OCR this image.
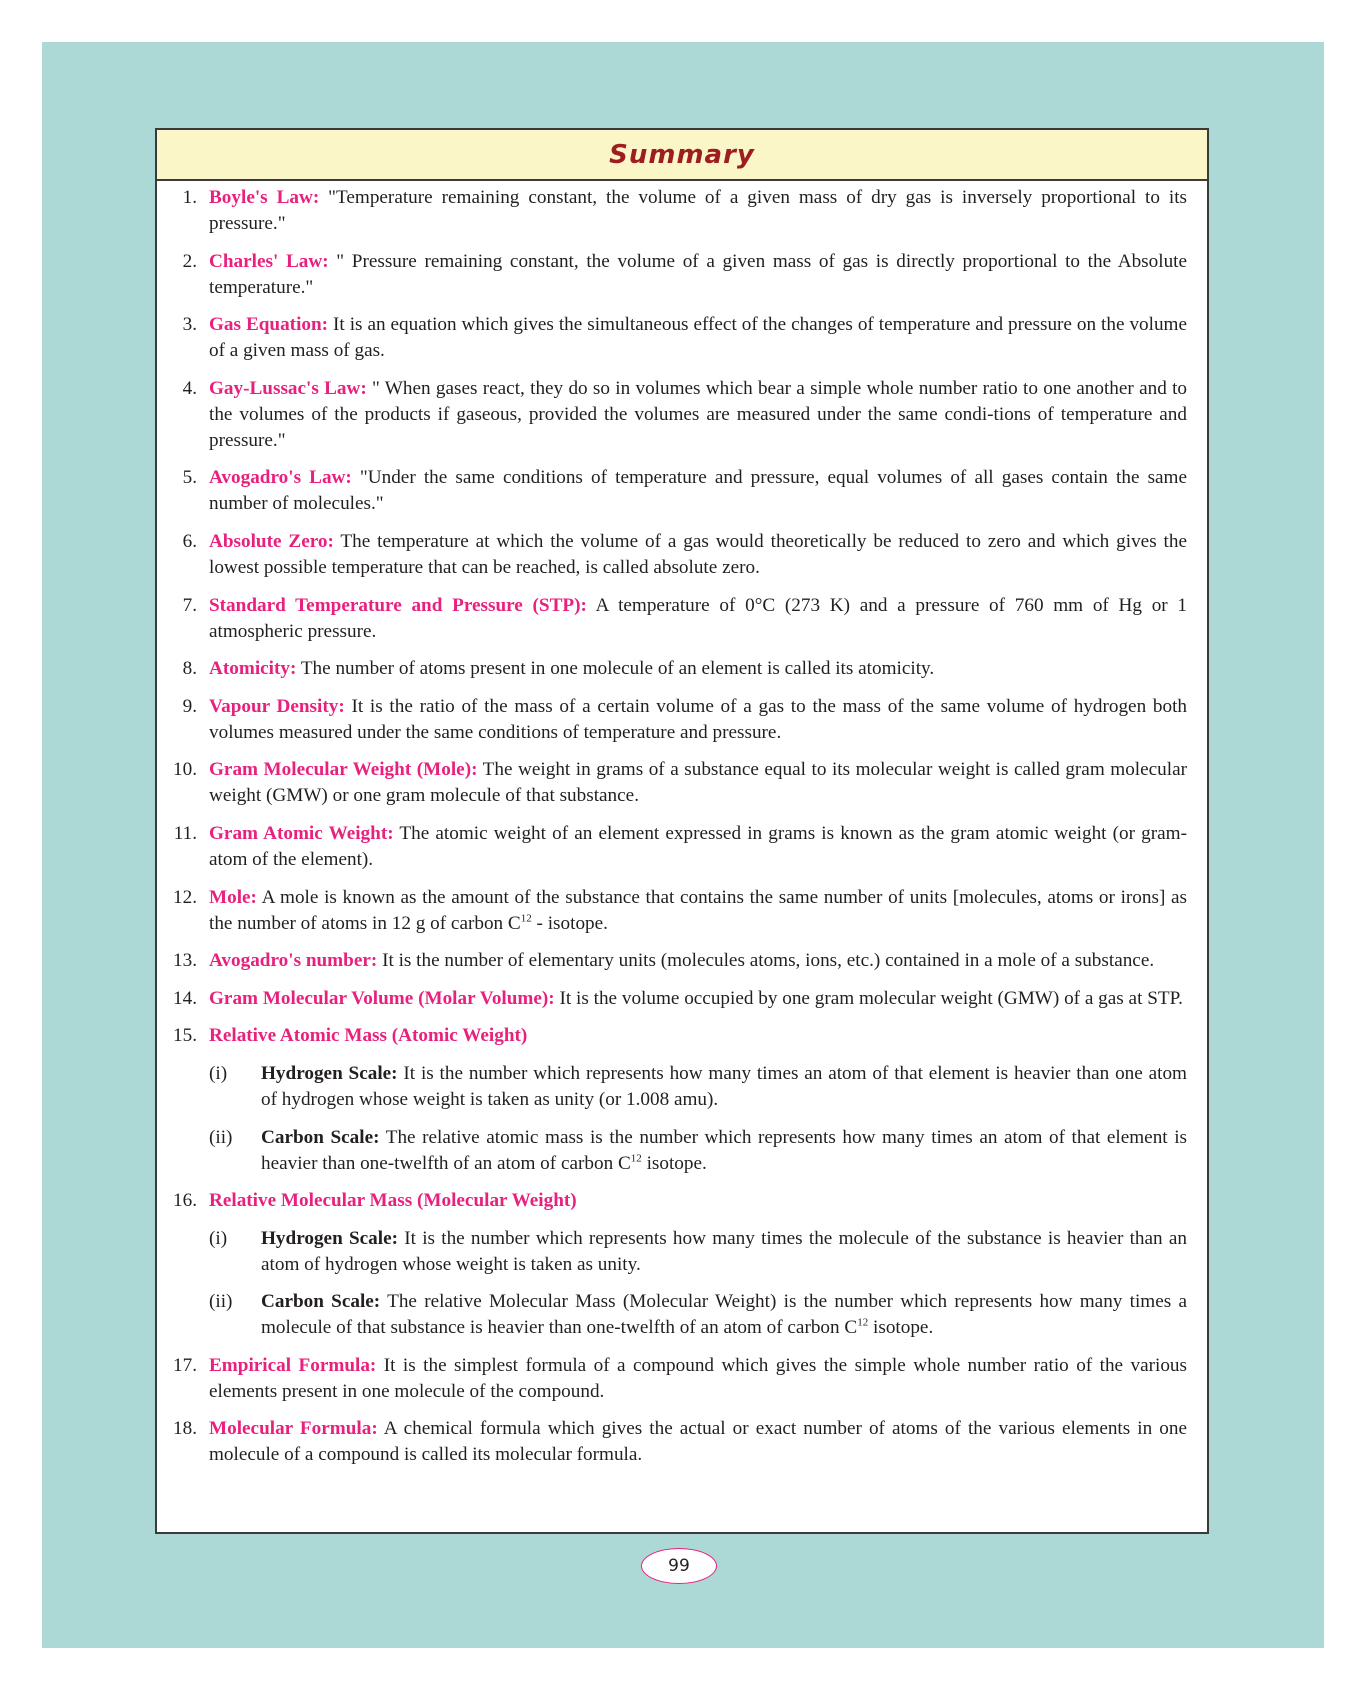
Summary
1. Boyle's Law: "Temperature remaining constant, the volume of a given mass of dry gas is inversely proportional to its pressure."
2. Charles' Law: " Pressure remaining constant, the volume of a given mass of gas is directly proportional to the Absolute temperature."
3. Gas Equation: It is an equation which gives the simultaneous effect of the changes of temperature and pressure on the volume of a given mass of gas.
4. Gay-Lussac's Law: " When gases react, they do so in volumes which bear a simple whole number ratio to one another and to the volumes of the products if gaseous, provided the volumes are measured under the same condi-tions of temperature and pressure."
5. Avogadro's Law: "Under the same conditions of temperature and pressure, equal volumes of all gases contain the same number of molecules."
6. Absolute Zero: The temperature at which the volume of a gas would theoretically be reduced to zero and which gives the lowest possible temperature that can be reached, is called absolute zero.
7. Standard Temperature and Pressure (STP): A temperature of 0°C (273 K) and a pressure of 760 mm of Hg or 1 atmospheric pressure.
8. Atomicity: The number of atoms present in one molecule of an element is called its atomicity.
9. Vapour Density: It is the ratio of the mass of a certain volume of a gas to the mass of the same volume of hydrogen both volumes measured under the same conditions of temperature and pressure.
10. Gram Molecular Weight (Mole): The weight in grams of a substance equal to its molecular weight is called gram molecular weight (GMW) or one gram molecule of that substance.
11. Gram Atomic Weight: The atomic weight of an element expressed in grams is known as the gram atomic weight (or gram-atom of the element).
12. Mole: A mole is known as the amount of the substance that contains the same number of units [molecules, atoms or irons] as the number of atoms in 12 g of carbon $C^{12}$ - isotope.
13. Avogadro's number: It is the number of elementary units (molecules atoms, ions, etc.) contained in a mole of a substance.
14. Gram Molecular Volume (Molar Volume): It is the volume occupied by one gram molecular weight (GMW) of a gas at STP.
15. Relative Atomic Mass (Atomic Weight)
(i) Hydrogen Scale: It is the number which represents how many times an atom of that element is heavier than one atom of hydrogen whose weight is taken as unity (or 1.008 amu).
(ii) Carbon Scale: The relative atomic mass is the number which represents how many times an atom of that element is heavier than one-twelfth of an atom of carbon $C^{12}$ isotope.
16. Relative Molecular Mass (Molecular Weight)
(i) Hydrogen Scale: It is the number which represents how many times the molecule of the substance is heavier than an atom of hydrogen whose weight is taken as unity.
(ii) Carbon Scale: The relative Molecular Mass (Molecular Weight) is the number which represents how many times a molecule of that substance is heavier than one-twelfth of an atom of carbon $C^{12}$ isotope.
17. Empirical Formula: It is the simplest formula of a compound which gives the simple whole number ratio of the various elements present in one molecule of the compound.
18. Molecular Formula: A chemical formula which gives the actual or exact number of atoms of the various elements in one molecule of a compound is called its molecular formula.
99
